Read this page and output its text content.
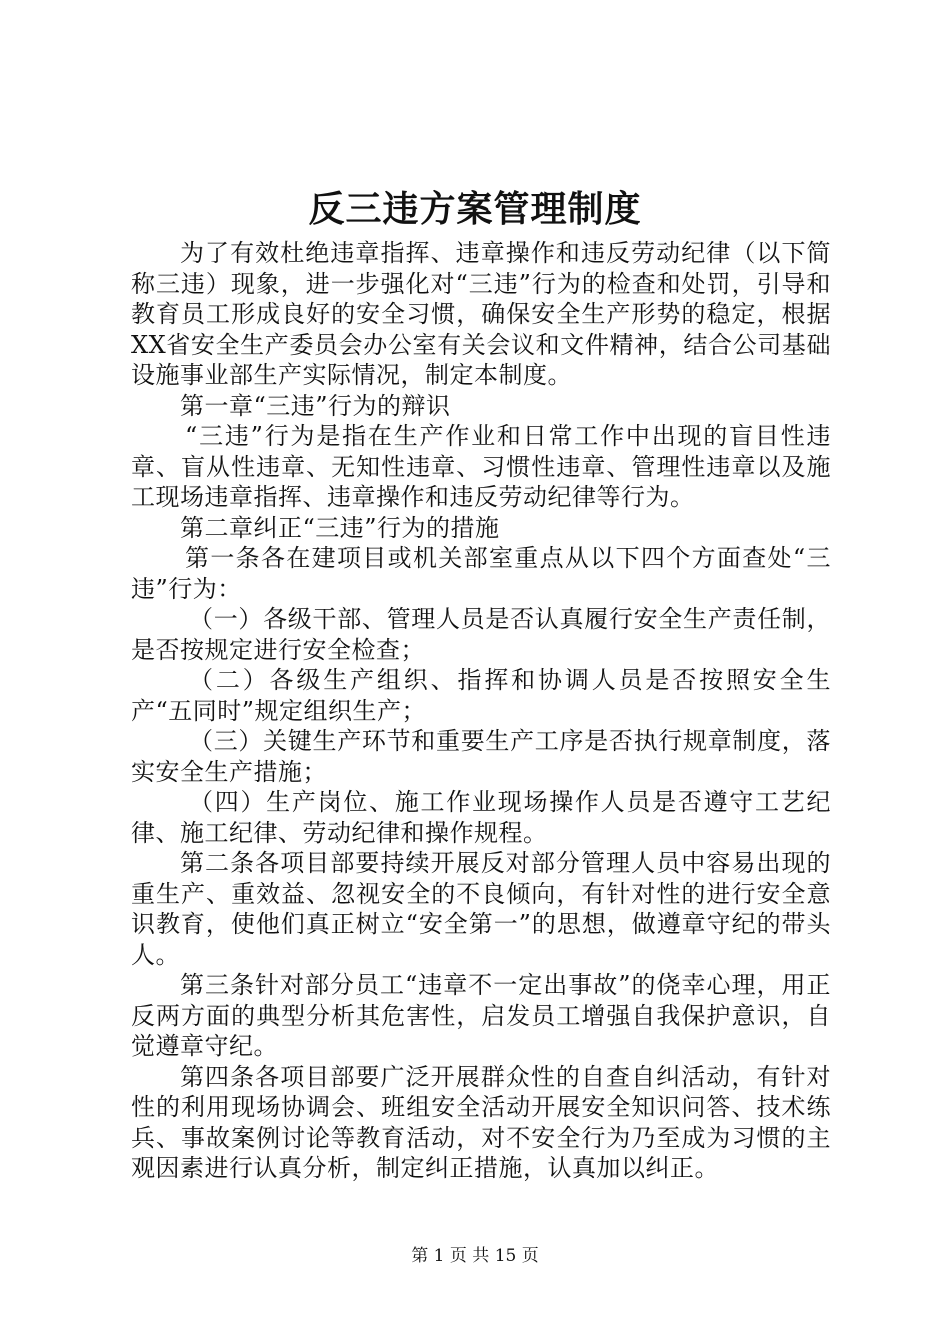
反三违方案管理制度

为了有效杜绝违章指挥、违章操作和违反劳动纪律（以下简称三违）现象，进一步强化对“三违”行为的检查和处罚，引导和教育员工形成良好的安全习惯，确保安全生产形势的稳定，根据XX省安全生产委员会办公室有关会议和文件精神，结合公司基础设施事业部生产实际情况，制定本制度。

第一章“三违”行为的辩识

“三违”行为是指在生产作业和日常工作中出现的盲目性违章、盲从性违章、无知性违章、习惯性违章、管理性违章以及施工现场违章指挥、违章操作和违反劳动纪律等行为。

第二章纠正“三违”行为的措施

第一条各在建项目或机关部室重点从以下四个方面查处“三违”行为：

（一）各级干部、管理人员是否认真履行安全生产责任制，是否按规定进行安全检查；

（二）各级生产组织、指挥和协调人员是否按照安全生产“五同时”规定组织生产；

（三）关键生产环节和重要生产工序是否执行规章制度，落实安全生产措施；

（四）生产岗位、施工作业现场操作人员是否遵守工艺纪律、施工纪律、劳动纪律和操作规程。

第二条各项目部要持续开展反对部分管理人员中容易出现的重生产、重效益、忽视安全的不良倾向，有针对性的进行安全意识教育，使他们真正树立“安全第一”的思想，做遵章守纪的带头人。

第三条针对部分员工“违章不一定出事故”的侥幸心理，用正反两方面的典型分析其危害性，启发员工增强自我保护意识，自觉遵章守纪。

第四条各项目部要广泛开展群众性的自查自纠活动，有针对性的利用现场协调会、班组安全活动开展安全知识问答、技术练兵、事故案例讨论等教育活动，对不安全行为乃至成为习惯的主观因素进行认真分析，制定纠正措施，认真加以纠正。

第 1 页 共 15 页
